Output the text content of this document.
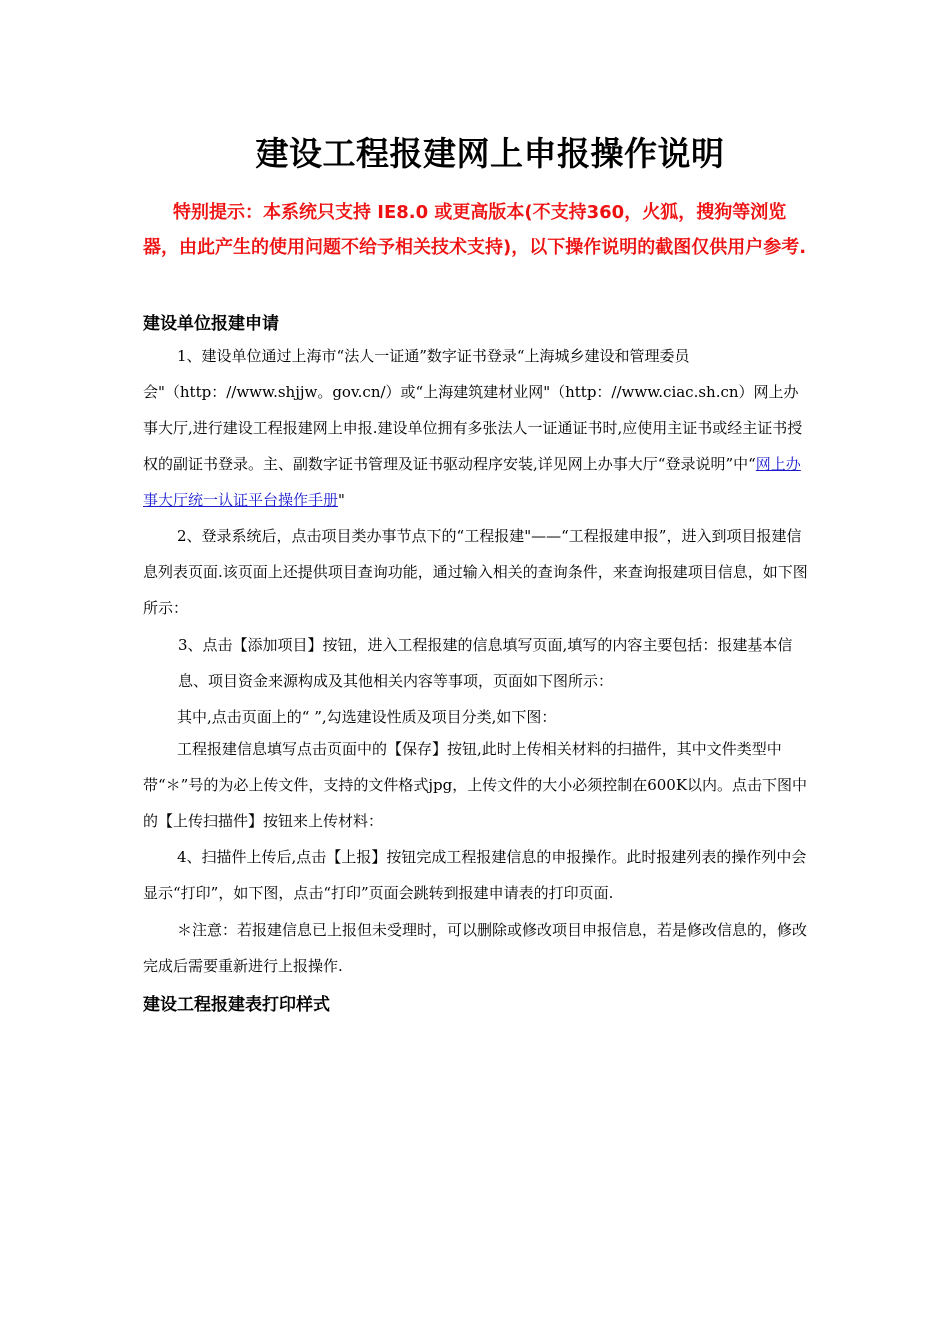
建设工程报建网上申报操作说明
特别提示：本系统只支持 IE8.0 或更高版本(不支持360，火狐，搜狗等浏览器，由此产生的使用问题不给予相关技术支持)，以下操作说明的截图仅供用户参考.
建设单位报建申请
1、建设单位通过上海市“法人一证通”数字证书登录“上海城乡建设和管理委员会"（http：//www.shjjw。gov.cn/）或“上海建筑建材业网"（http：//www.ciac.sh.cn）网上办事大厅,进行建设工程报建网上申报.建设单位拥有多张法人一证通证书时,应使用主证书或经主证书授权的副证书登录。主、副数字证书管理及证书驱动程序安装,详见网上办事大厅“登录说明”中“网上办事大厅统一认证平台操作手册"
2、登录系统后，点击项目类办事节点下的“工程报建"——“工程报建申报”，进入到项目报建信息列表页面.该页面上还提供项目查询功能，通过输入相关的查询条件，来查询报建项目信息，如下图所示：
3、点击【添加项目】按钮，进入工程报建的信息填写页面,填写的内容主要包括：报建基本信息、项目资金来源构成及其他相关内容等事项，页面如下图所示：
其中,点击页面上的“ ”,勾选建设性质及项目分类,如下图：
工程报建信息填写点击页面中的【保存】按钮,此时上传相关材料的扫描件，其中文件类型中带“＊”号的为必上传文件，支持的文件格式jpg，上传文件的大小必须控制在600K以内。点击下图中的【上传扫描件】按钮来上传材料：
4、扫描件上传后,点击【上报】按钮完成工程报建信息的申报操作。此时报建列表的操作列中会显示“打印”，如下图，点击“打印”页面会跳转到报建申请表的打印页面.
＊注意：若报建信息已上报但未受理时，可以删除或修改项目申报信息，若是修改信息的，修改完成后需要重新进行上报操作.
建设工程报建表打印样式
